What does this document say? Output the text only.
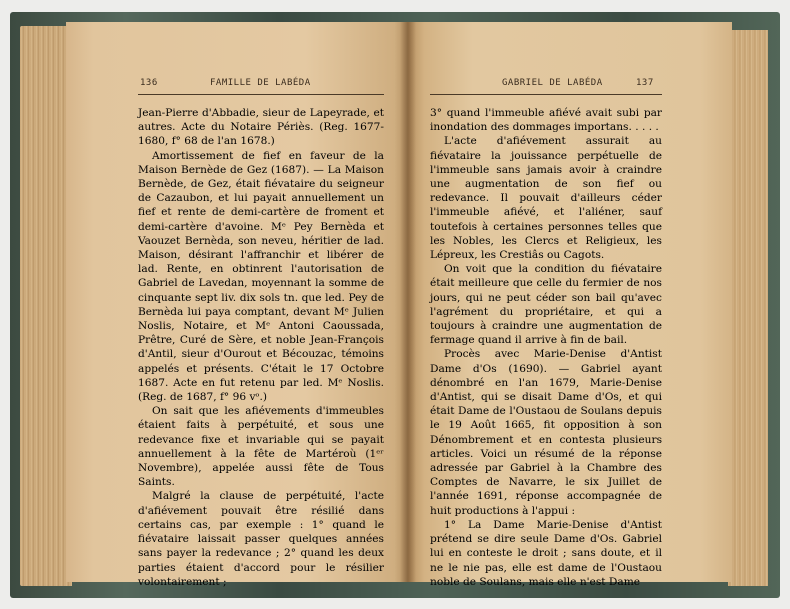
136	FAMILLE DE LABÉDA	GABRIEL DE LABÉDA	137

Jean-Pierre d'Abbadie, sieur de Lapeyrade, et autres. Acte du Notaire Périès. (Reg. 1677-1680, f° 68 de l'an 1678.)

Amortissement de fief en faveur de la Maison Bernède de Gez (1687). — La Maison Bernède, de Gez, était fiévataire du seigneur de Cazaubon, et lui payait annuellement un fief et rente de demi-cartère de froment et demi-cartère d'avoine. Mᵉ Pey Bernèda et Vaouzet Bernèda, son neveu, héritier de lad. Maison, désirant l'affranchir et libérer de lad. Rente, en obtinrent l'autorisation de Gabriel de Lavedan, moyennant la somme de cinquante sept liv. dix sols tn. que led. Pey de Bernèda lui paya comptant, devant Mᵉ Julien Noslis, Notaire, et Mᵉ Antoni Caoussada, Prêtre, Curé de Sère, et noble Jean-François d'Antil, sieur d'Ourout et Bécouzac, témoins appelés et présents. C'était le 17 Octobre 1687. Acte en fut retenu par led. Mᵉ Noslis. (Reg. de 1687, f° 96 vᵒ.)

On sait que les afiévements d'immeubles étaient faits à perpétuité, et sous une redevance fixe et invariable qui se payait annuellement à la fête de Martéroù (1ᵉʳ Novembre), appelée aussi fête de Tous Saints.

Malgré la clause de perpétuité, l'acte d'afiévement pouvait être résilié dans certains cas, par exemple : 1° quand le fiévataire laissait passer quelques années sans payer la redevance ; 2° quand les deux parties étaient d'accord pour le résilier volontairement ;

3° quand l'immeuble afiévé avait subi par inondation des dommages importans. . . . .

L'acte d'afiévement assurait au fiévataire la jouissance perpétuelle de l'immeuble sans jamais avoir à craindre une augmentation de son fief ou redevance. Il pouvait d'ailleurs céder l'immeuble afiévé, et l'aliéner, sauf toutefois à certaines personnes telles que les Nobles, les Clercs et Religieux, les Lépreux, les Crestiâs ou Cagots.

On voit que la condition du fiévataire était meilleure que celle du fermier de nos jours, qui ne peut céder son bail qu'avec l'agrément du propriétaire, et qui a toujours à craindre une augmentation de fermage quand il arrive à fin de bail.

Procès avec Marie-Denise d'Antist Dame d'Os (1690). — Gabriel ayant dénombré en l'an 1679, Marie-Denise d'Antist, qui se disait Dame d'Os, et qui était Dame de l'Oustaou de Soulans depuis le 19 Août 1665, fit opposition à son Dénombrement et en contesta plusieurs articles. Voici un résumé de la réponse adressée par Gabriel à la Chambre des Comptes de Navarre, le six Juillet de l'année 1691, réponse accompagnée de huit productions à l'appui :

1° La Dame Marie-Denise d'Antist prétend se dire seule Dame d'Os. Gabriel lui en conteste le droit ; sans doute, et il ne le nie pas, elle est dame de l'Oustaou noble de Soulans, mais elle n'est Dame
